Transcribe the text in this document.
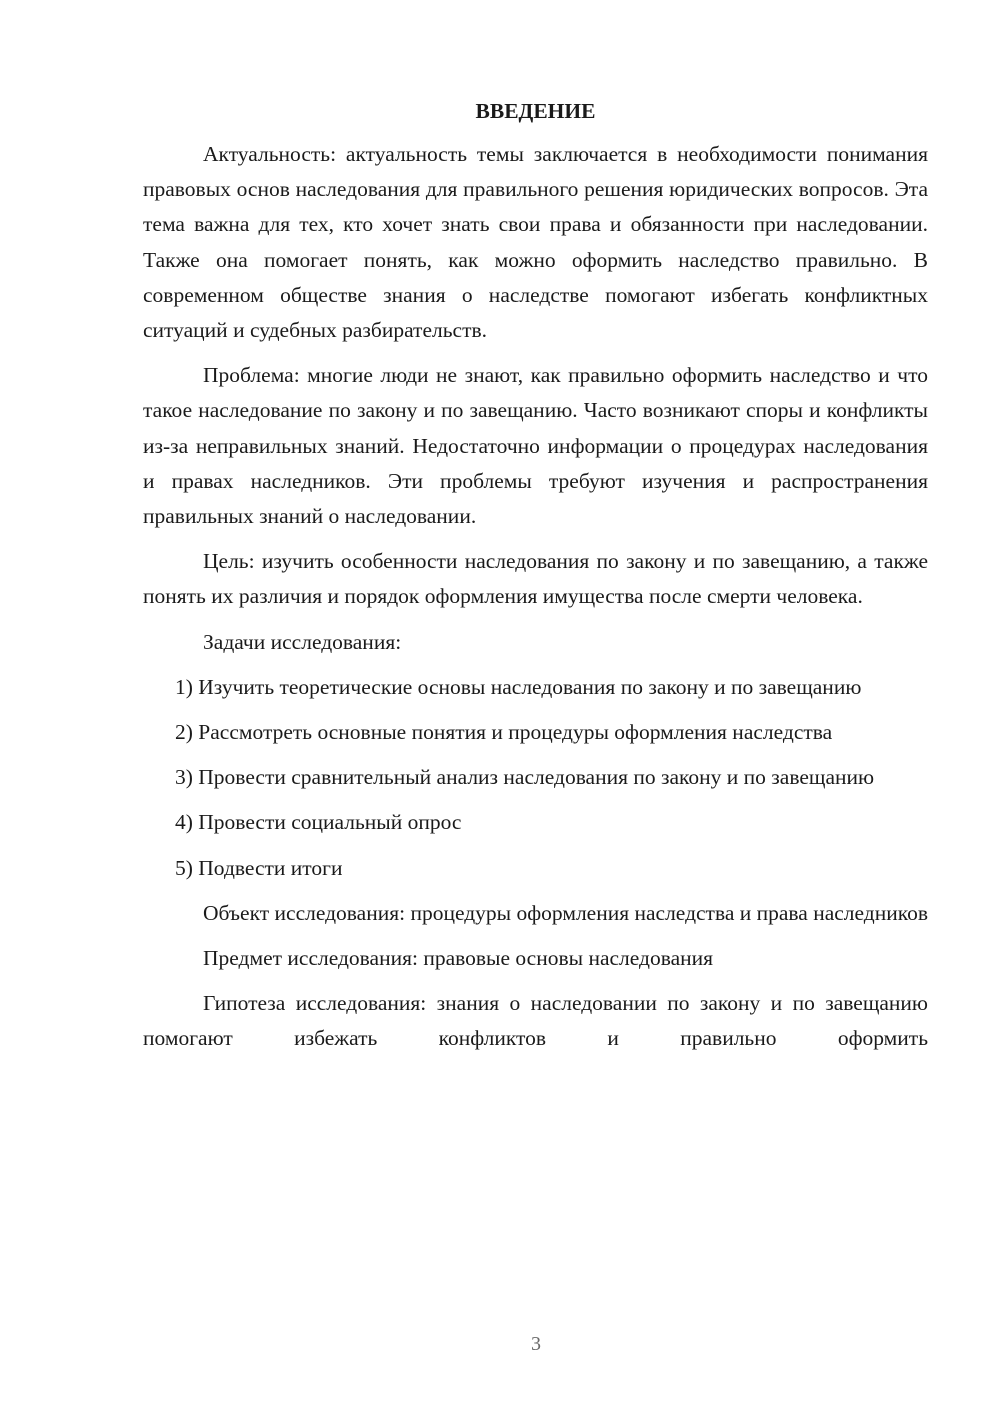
ВВЕДЕНИЕ

Актуальность: актуальность темы заключается в необходимости понимания правовых основ наследования для правильного решения юридических вопросов. Эта тема важна для тех, кто хочет знать свои права и обязанности при наследовании. Также она помогает понять, как можно оформить наследство правильно. В современном обществе знания о наследстве помогают избегать конфликтных ситуаций и судебных разбирательств.

Проблема: многие люди не знают, как правильно оформить наследство и что такое наследование по закону и по завещанию. Часто возникают споры и конфликты из-за неправильных знаний. Недостаточно информации о процедурах наследования и правах наследников. Эти проблемы требуют изучения и распространения правильных знаний о наследовании.

Цель: изучить особенности наследования по закону и по завещанию, а также понять их различия и порядок оформления имущества после смерти человека.

Задачи исследования:

1) Изучить теоретические основы наследования по закону и по завещанию

2) Рассмотреть основные понятия и процедуры оформления наследства

3) Провести сравнительный анализ наследования по закону и по завещанию

4) Провести социальный опрос

5) Подвести итоги

Объект исследования: процедуры оформления наследства и права наследников

Предмет исследования: правовые основы наследования

Гипотеза исследования: знания о наследовании по закону и по завещанию помогают избежать конфликтов и правильно оформить

3
